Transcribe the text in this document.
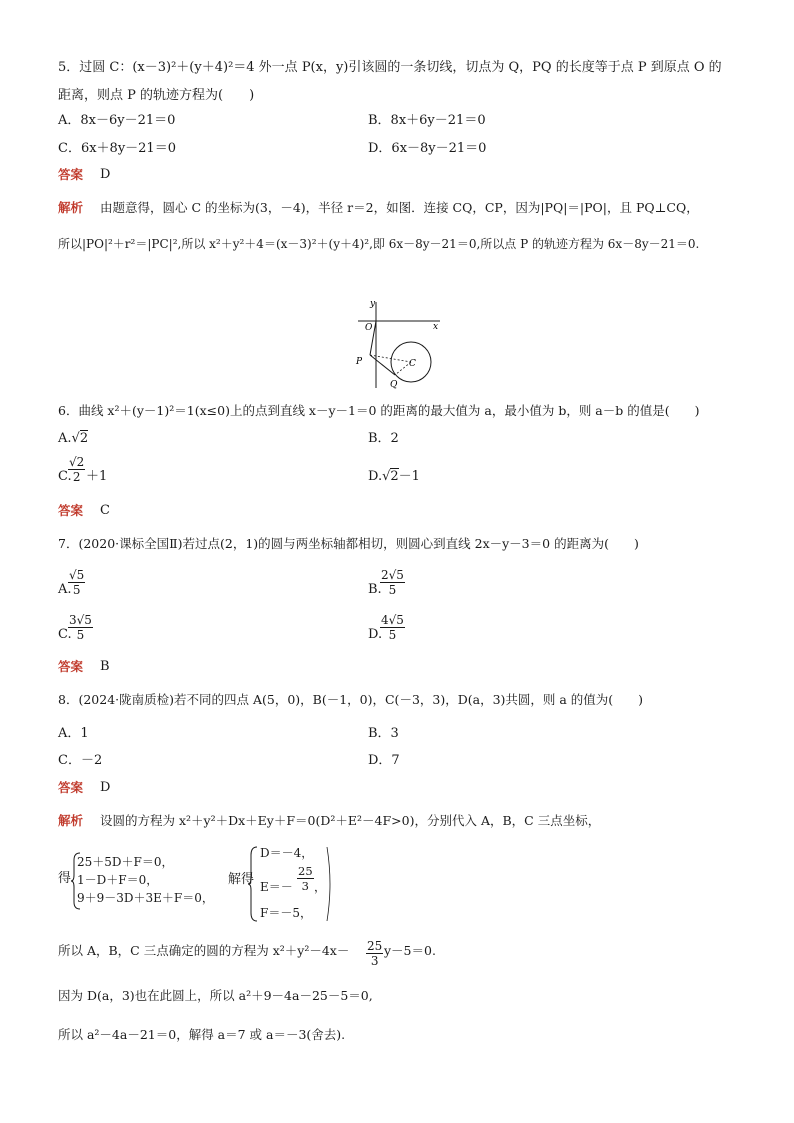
5．过圆 C：(x－3)²＋(y＋4)²＝4 外一点 P(x，y)引该圆的一条切线，切点为 Q，PQ 的长度等于点 P 到原点 O 的
距离，则点 P 的轨迹方程为(　　)
A．8x－6y－21＝0	B．8x＋6y－21＝0
C．6x＋8y－21＝0	D．6x－8y－21＝0
答案 D
解析 由题意得，圆心 C 的坐标为(3，－4)，半径 r＝2，如图．连接 CQ，CP，因为|PQ|＝|PO|，且 PQ⊥CQ，
所以|PO|²＋r²＝|PC|²,所以 x²＋y²＋4＝(x－3)²＋(y＋4)²,即 6x－8y－21＝0,所以点 P 的轨迹方程为 6x－8y－21＝0.
y
x
O
P	C
Q
6．曲线 x²＋(y－1)²＝1(x≤0)上的点到直线 x－y－1＝0 的距离的最大值为 a，最小值为 b，则 a－b 的值是(　　)
A.√2	B．2
C.
$\frac{√2}{2} +1$	D.√2－1
答案 C
7．(2020·课标全国Ⅱ)若过点(2，1)的圆与两坐标轴都相切，则圆心到直线 2x－y－3＝0 的距离为(　　)
A.
$\frac{√5}{5}$	B.
$\frac{2√5}{5}$
C.
$\frac{3√5}{5}$	D.
$\frac{4√5}{5}$
答案 B
8．(2024·陇南质检)若不同的四点 A(5，0)，B(－1，0)，C(－3，3)，D(a，3)共圆，则 a 的值为(　　)
A．1	B．3
C．－2	D．7
答案 D
解析 设圆的方程为 x²＋y²＋Dx＋Ey＋F＝0(D²＋E²－4F>0)，分别代入 A，B，C 三点坐标，
得
25＋5D＋F＝0，
1－D＋F＝0，
9＋9－3D＋3E＋F＝0，
解得
D＝－4，
$E=- \frac{25}{3}$ ，
F＝－5，
所以 A，B，C 三点确定的圆的方程为 $x^2+y^2-4x- \frac{25}{3} y-5=0$.
因为 D(a，3)也在此圆上，所以 a²＋9－4a－25－5＝0,
所以 a²－4a－21＝0，解得 a＝7 或 a＝－3(舍去).
